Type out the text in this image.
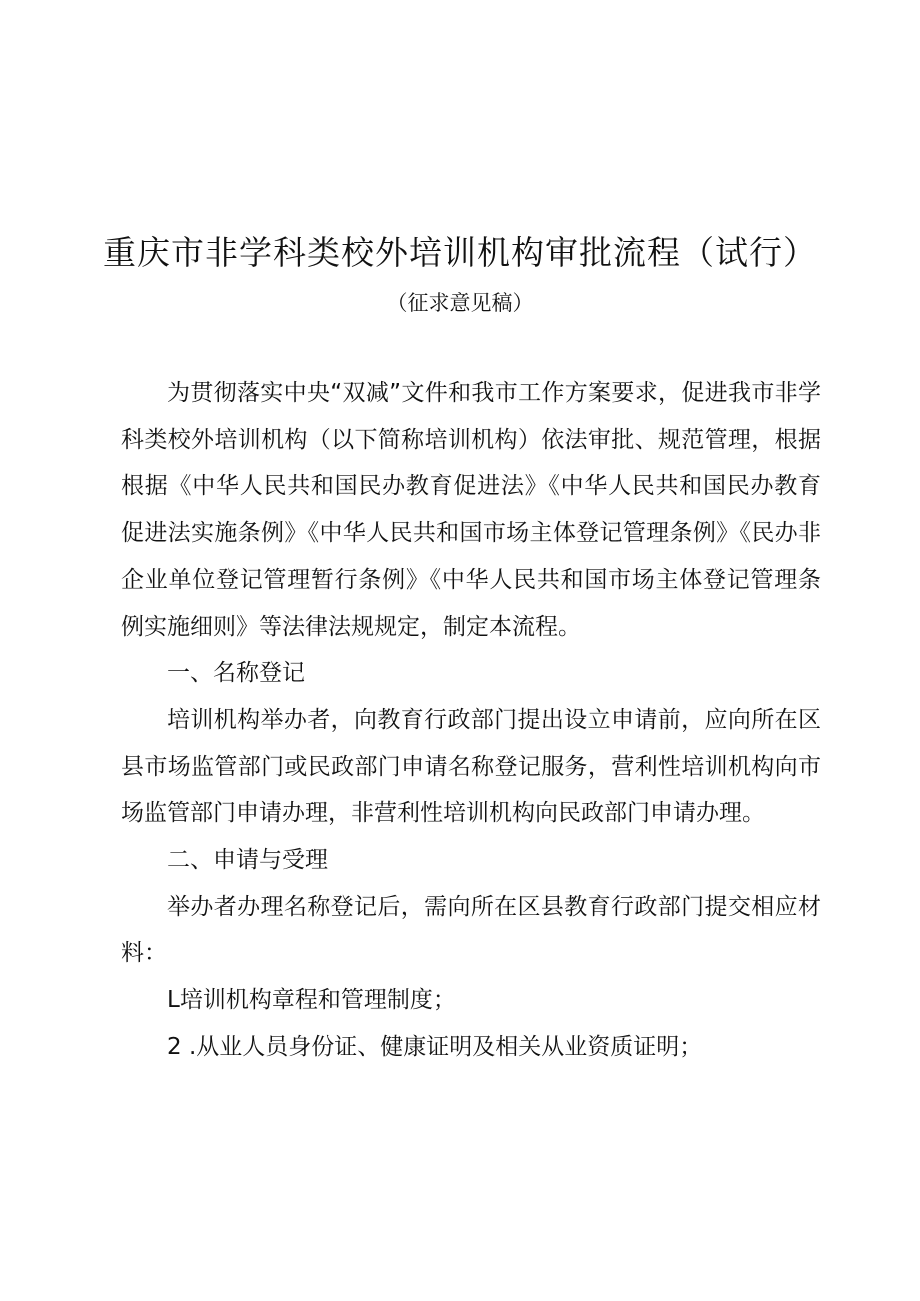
重庆市非学科类校外培训机构审批流程（试行）
（征求意见稿）

为贯彻落实中央“双减”文件和我市工作方案要求，促进我市非学科类校外培训机构（以下简称培训机构）依法审批、规范管理，根据根据《中华人民共和国民办教育促进法》《中华人民共和国民办教育促进法实施条例》《中华人民共和国市场主体登记管理条例》《民办非企业单位登记管理暂行条例》《中华人民共和国市场主体登记管理条例实施细则》等法律法规规定，制定本流程。

一、名称登记

培训机构举办者，向教育行政部门提出设立申请前，应向所在区县市场监管部门或民政部门申请名称登记服务，营利性培训机构向市场监管部门申请办理，非营利性培训机构向民政部门申请办理。

二、申请与受理

举办者办理名称登记后，需向所在区县教育行政部门提交相应材料：

L培训机构章程和管理制度；

2 .从业人员身份证、健康证明及相关从业资质证明；
